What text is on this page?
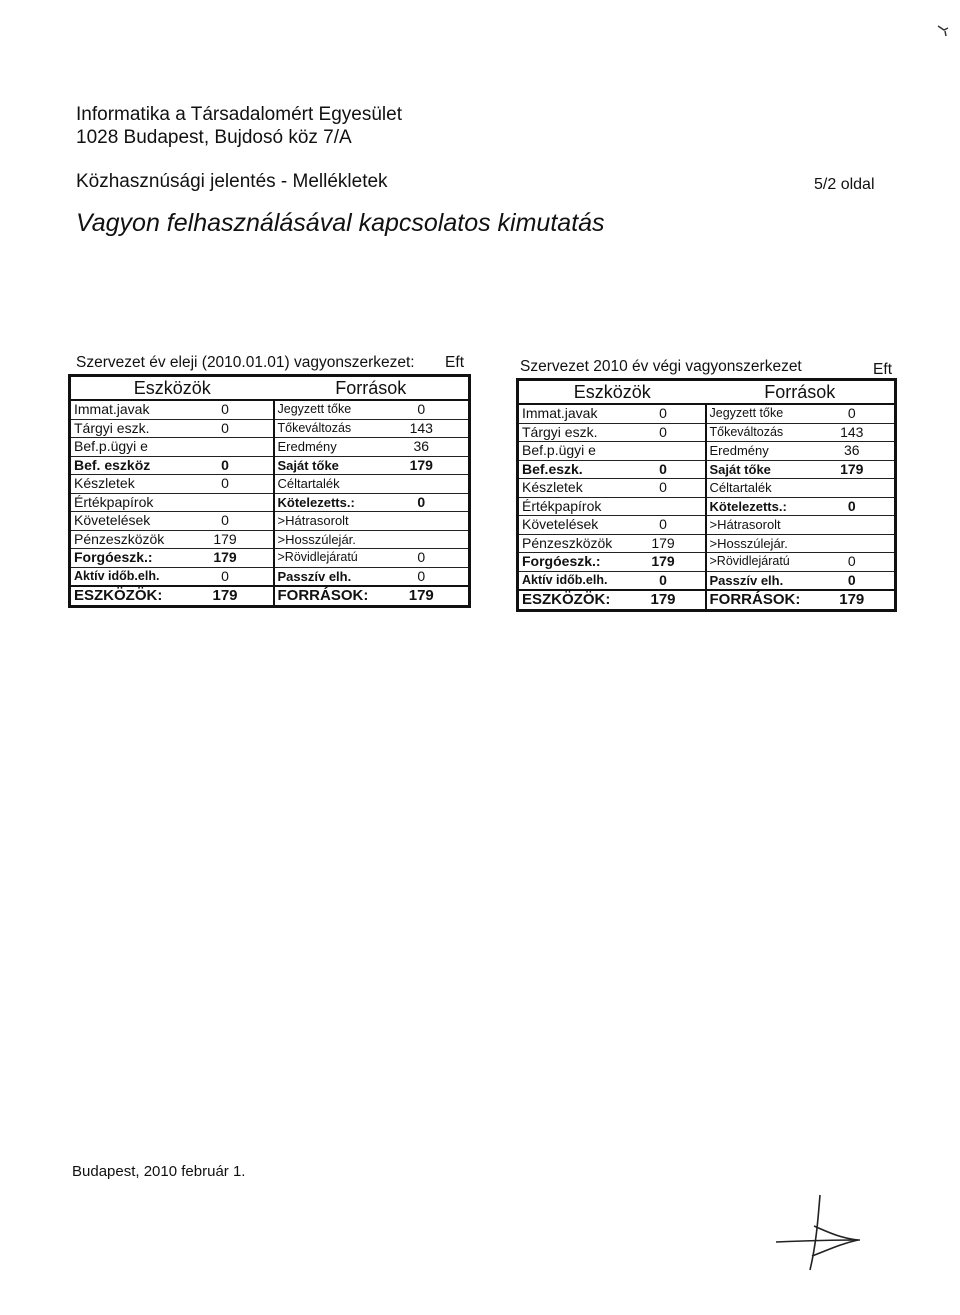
Informatika a Társadalomért Egyesület
1028 Budapest, Bujdosó köz 7/A
Közhasznúsági jelentés - Mellékletek	5/2 oldal
Vagyon felhasználásával kapcsolatos kimutatás
Szervezet év eleji (2010.01.01) vagyonszerkezet: Eft
Eszközök		Források	
Immat.javak	0	Jegyzett tőke	0
Tárgyi eszk.	0	Tőkeváltozás	143
Bef.p.ügyi e		Eredmény	36
Bef. eszköz	0	Saját tőke	179
Készletek	0	Céltartalék	
Értékpapírok		Kötelezetts.:	0
Követelések	0	>Hátrasorolt	
Pénzeszközök	179	>Hosszúlejár.	
Forgóeszk.:	179	>Rövidlejáratú	0
Aktív időb.elh.	0	Passzív elh.	0
ESZKÖZÖK:	179	FORRÁSOK:	179
Szervezet 2010 év végi vagyonszerkezet	Eft
Eszközök		Források	
Immat.javak	0	Jegyzett tőke	0
Tárgyi eszk.	0	Tőkeváltozás	143
Bef.p.ügyi e		Eredmény	36
Bef.eszk.	0	Saját tőke	179
Készletek	0	Céltartalék	
Értékpapírok		Kötelezetts.:	0
Követelések	0	>Hátrasorolt	
Pénzeszközök	179	>Hosszúlejár.	
Forgóeszk.:	179	>Rövidlejáratú	0
Aktív időb.elh.	0	Passzív elh.	0
ESZKÖZÖK:	179	FORRÁSOK:	179
Budapest, 2010 február 1.
